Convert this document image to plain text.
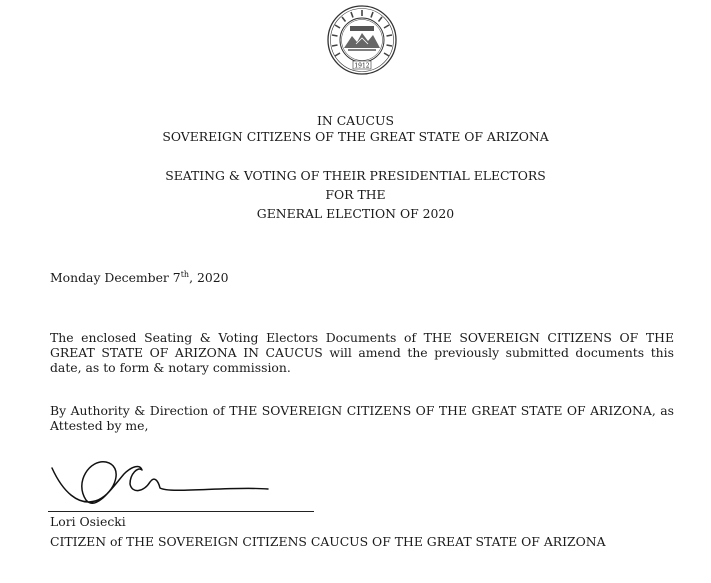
1912
IN CAUCUS
SOVEREIGN CITIZENS OF THE GREAT STATE OF ARIZONA
SEATING & VOTING OF THEIR PRESIDENTIAL ELECTORS
FOR THE
GENERAL ELECTION OF 2020
Monday December 7th, 2020
The enclosed Seating & Voting Electors Documents of THE SOVEREIGN CITIZENS OF THE GREAT STATE OF ARIZONA IN CAUCUS will amend the previously submitted documents this date, as to form & notary commission.
By Authority & Direction of THE SOVEREIGN CITIZENS OF THE GREAT STATE OF ARIZONA, as Attested by me,
Lori Osiecki
CITIZEN of THE SOVEREIGN CITIZENS CAUCUS OF THE GREAT STATE OF ARIZONA
